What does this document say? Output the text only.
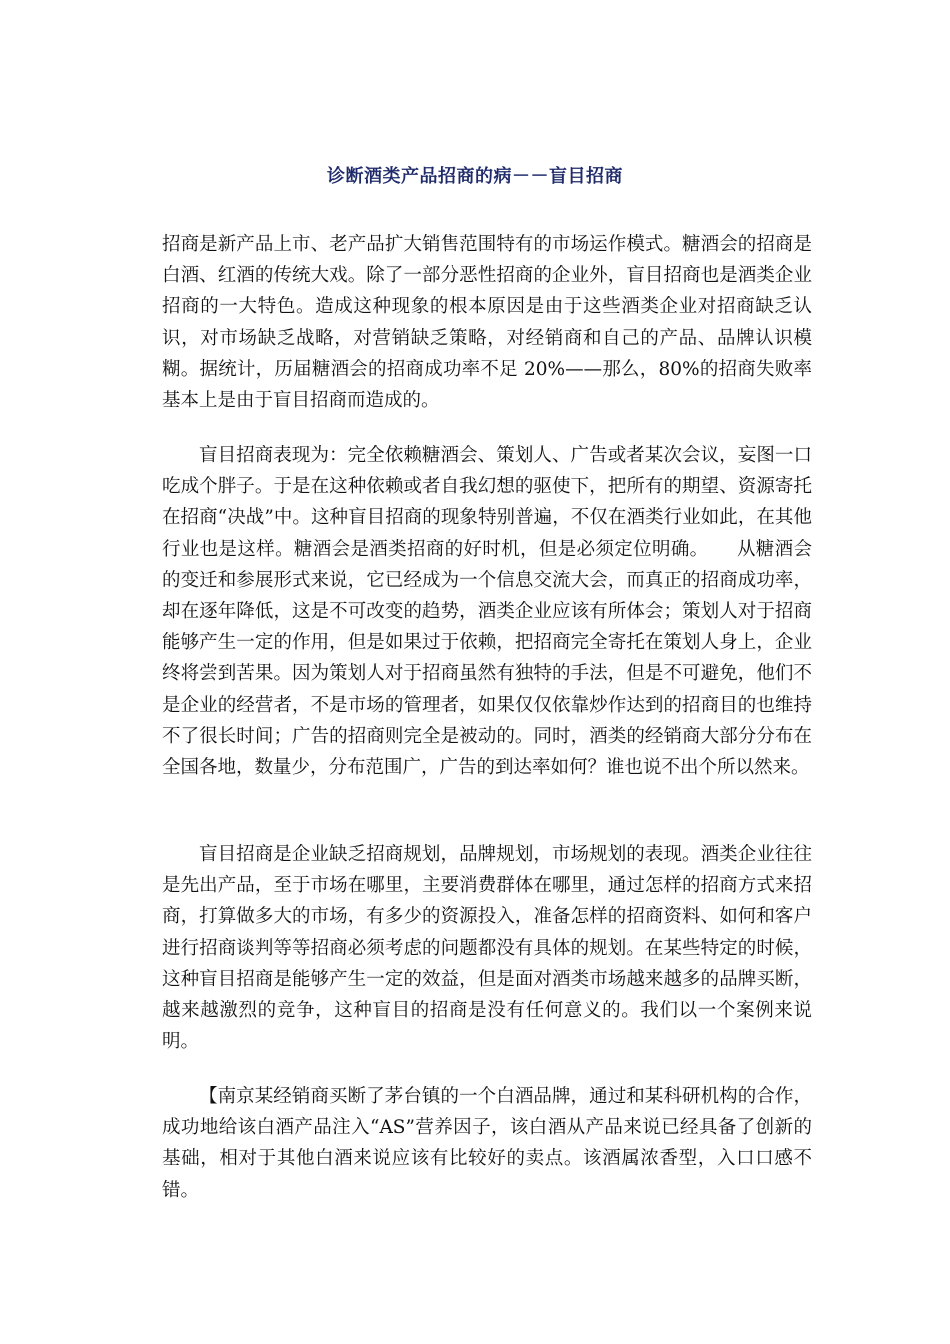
诊断酒类产品招商的病－－盲目招商
招商是新产品上市、老产品扩大销售范围特有的市场运作模式。糖酒会的招商是白酒、红酒的传统大戏。除了一部分恶性招商的企业外，盲目招商也是酒类企业招商的一大特色。造成这种现象的根本原因是由于这些酒类企业对招商缺乏认识，对市场缺乏战略，对营销缺乏策略，对经销商和自己的产品、品牌认识模糊。据统计，历届糖酒会的招商成功率不足 20%——那么，80%的招商失败率基本上是由于盲目招商而造成的。
盲目招商表现为：完全依赖糖酒会、策划人、广告或者某次会议，妄图一口吃成个胖子。于是在这种依赖或者自我幻想的驱使下，把所有的期望、资源寄托在招商“决战”中。这种盲目招商的现象特别普遍，不仅在酒类行业如此，在其他行业也是这样。糖酒会是酒类招商的好时机，但是必须定位明确。　　从糖酒会的变迁和参展形式来说，它已经成为一个信息交流大会，而真正的招商成功率，却在逐年降低，这是不可改变的趋势，酒类企业应该有所体会；策划人对于招商能够产生一定的作用，但是如果过于依赖，把招商完全寄托在策划人身上，企业终将尝到苦果。因为策划人对于招商虽然有独特的手法，但是不可避免，他们不是企业的经营者，不是市场的管理者，如果仅仅依靠炒作达到的招商目的也维持不了很长时间；广告的招商则完全是被动的。同时，酒类的经销商大部分分布在全国各地，数量少，分布范围广，广告的到达率如何？谁也说不出个所以然来。
盲目招商是企业缺乏招商规划，品牌规划，市场规划的表现。酒类企业往往是先出产品，至于市场在哪里，主要消费群体在哪里，通过怎样的招商方式来招商，打算做多大的市场，有多少的资源投入，准备怎样的招商资料、如何和客户进行招商谈判等等招商必须考虑的问题都没有具体的规划。在某些特定的时候，这种盲目招商是能够产生一定的效益，但是面对酒类市场越来越多的品牌买断，越来越激烈的竞争，这种盲目的招商是没有任何意义的。我们以一个案例来说明。
【南京某经销商买断了茅台镇的一个白酒品牌，通过和某科研机构的合作，成功地给该白酒产品注入“AS”营养因子，该白酒从产品来说已经具备了创新的基础，相对于其他白酒来说应该有比较好的卖点。该酒属浓香型，入口口感不错。
